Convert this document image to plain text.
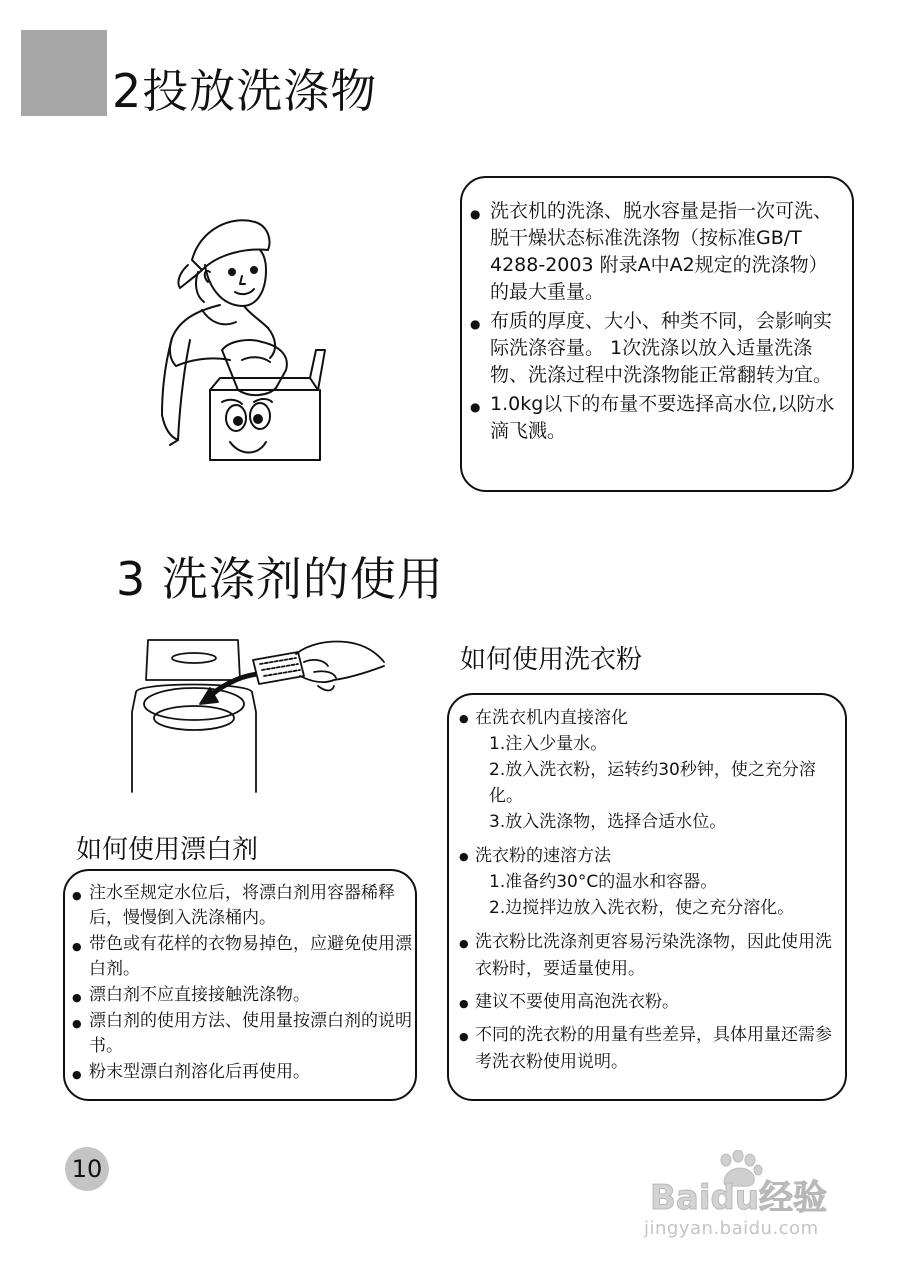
2投放洗涤物
● 洗衣机的洗涤、脱水容量是指一次可洗、脱干燥状态标准洗涤物（按标准GB/T 4288-2003 附录A中A2规定的洗涤物）的最大重量。
● 布质的厚度、大小、种类不同，会影响实际洗涤容量。 1次洗涤以放入适量洗涤物、洗涤过程中洗涤物能正常翻转为宜。
● 1.0kg以下的布量不要选择高水位,以防水滴飞溅。
3 洗涤剂的使用
如何使用漂白剂
● 注水至规定水位后，将漂白剂用容器稀释后，慢慢倒入洗涤桶内。
● 带色或有花样的衣物易掉色，应避免使用漂白剂。
● 漂白剂不应直接接触洗涤物。
● 漂白剂的使用方法、使用量按漂白剂的说明书。
● 粉末型漂白剂溶化后再使用。
如何使用洗衣粉
● 在洗衣机内直接溶化
1.注入少量水。
2.放入洗衣粉，运转约30秒钟，使之充分溶化。
3.放入洗涤物，选择合适水位。
● 洗衣粉的速溶方法
1.准备约30°C的温水和容器。
2.边搅拌边放入洗衣粉，使之充分溶化。
● 洗衣粉比洗涤剂更容易污染洗涤物，因此使用洗衣粉时，要适量使用。
● 建议不要使用高泡洗衣粉。
● 不同的洗衣粉的用量有些差异，具体用量还需参考洗衣粉使用说明。
10
Baidu经验
jingyan.baidu.com
